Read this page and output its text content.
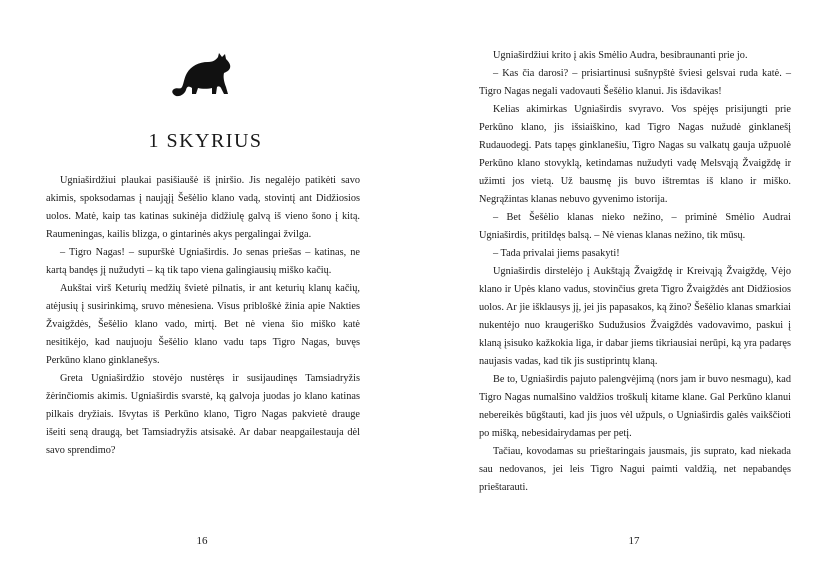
1 SKYRIUS

Ugniaširdžiui plaukai pasišiaušė iš įniršio. Jis negalėjo patikėti savo akimis, spoksodamas į naująjį Šešėlio klano vadą, stovintį ant Didžiosios uolos. Matė, kaip tas katinas sukinėja didžiulę galvą iš vieno šono į kitą. Raumeningas, kailis blizga, o gintarinės akys pergalingai žvilga.

– Tigro Nagas! – supurškė Ugniaširdis. Jo senas priešas – katinas, ne kartą bandęs jį nužudyti – ką tik tapo viena galingiausių miško kačių.

Aukštai virš Keturių medžių švietė pilnatis, ir ant keturių klanų kačių, atėjusių į susirinkimą, sruvo mėnesiena. Visus pribloškė žinia apie Nakties Žvaigždės, Šešėlio klano vado, mirtį. Bet nė viena šio miško katė nesitikėjo, kad naujuoju Šešėlio klano vadu taps Tigro Nagas, buvęs Perkūno klano ginklanešys.

Greta Ugniaširdžio stovėjo nustėręs ir susijaudinęs Tamsiadryžis žėrinčiomis akimis. Ugniaširdis svarstė, ką galvoja juodas jo klano katinas pilkais dryžiais. Išvytas iš Perkūno klano, Tigro Nagas pakvietė drauge išeiti seną draugą, bet Tamsiadryžis atsisakė. Ar dabar neapgailestauja dėl savo sprendimo?

16

Ugniaširdžiui krito į akis Smėlio Audra, besibraunanti prie jo.

– Kas čia darosi? – prisiartinusi sušnypštė šviesi gelsvai ruda katė. – Tigro Nagas negali vadovauti Šešėlio klanui. Jis išdavikas!

Kelias akimirkas Ugniaširdis svyravo. Vos spėjęs prisijungti prie Perkūno klano, jis išsiaiškino, kad Tigro Nagas nužudė ginklanešį Rudauodegį. Pats tapęs ginklanešiu, Tigro Nagas su valkatų gauja užpuolė Perkūno klano stovyklą, ketindamas nužudyti vadę Melsvąją Žvaigždę ir užimti jos vietą. Už bausmę jis buvo ištremtas iš klano ir miško. Negrąžintas klanas nebuvo gyvenimo istorija.

– Bet Šešėlio klanas nieko nežino, – priminė Smėlio Audrai Ugniaširdis, pritildęs balsą. – Nė vienas klanas nežino, tik mūsų.

– Tada privalai jiems pasakyti!

Ugniaširdis dirstelėjo į Aukštąją Žvaigždę ir Kreivąją Žvaigždę, Vėjo klano ir Upės klano vadus, stovinčius greta Tigro Žvaigždės ant Didžiosios uolos. Ar jie išklausys jį, jei jis papasakos, ką žino? Šešėlio klanas smarkiai nukentėjo nuo kraugeriško Sudužusios Žvaigždės vadovavimo, paskui į klaną įsisuko kažkokia liga, ir dabar jiems tikriausiai nerūpi, ką yra padaręs naujasis vadas, kad tik jis sustiprintų klaną.

Be to, Ugniaširdis pajuto palengvėjimą (nors jam ir buvo nesmagu), kad Tigro Nagas numalšino valdžios troškulį kitame klane. Gal Perkūno klanui nebereikės būgštauti, kad jis juos vėl užpuls, o Ugniaširdis galės vaikščioti po mišką, nebesidairydamas per petį.

Tačiau, kovodamas su prieštaringais jausmais, jis suprato, kad niekada sau nedovanos, jei leis Tigro Nagui paimti valdžią, net nepabandęs prieštarauti.

17
